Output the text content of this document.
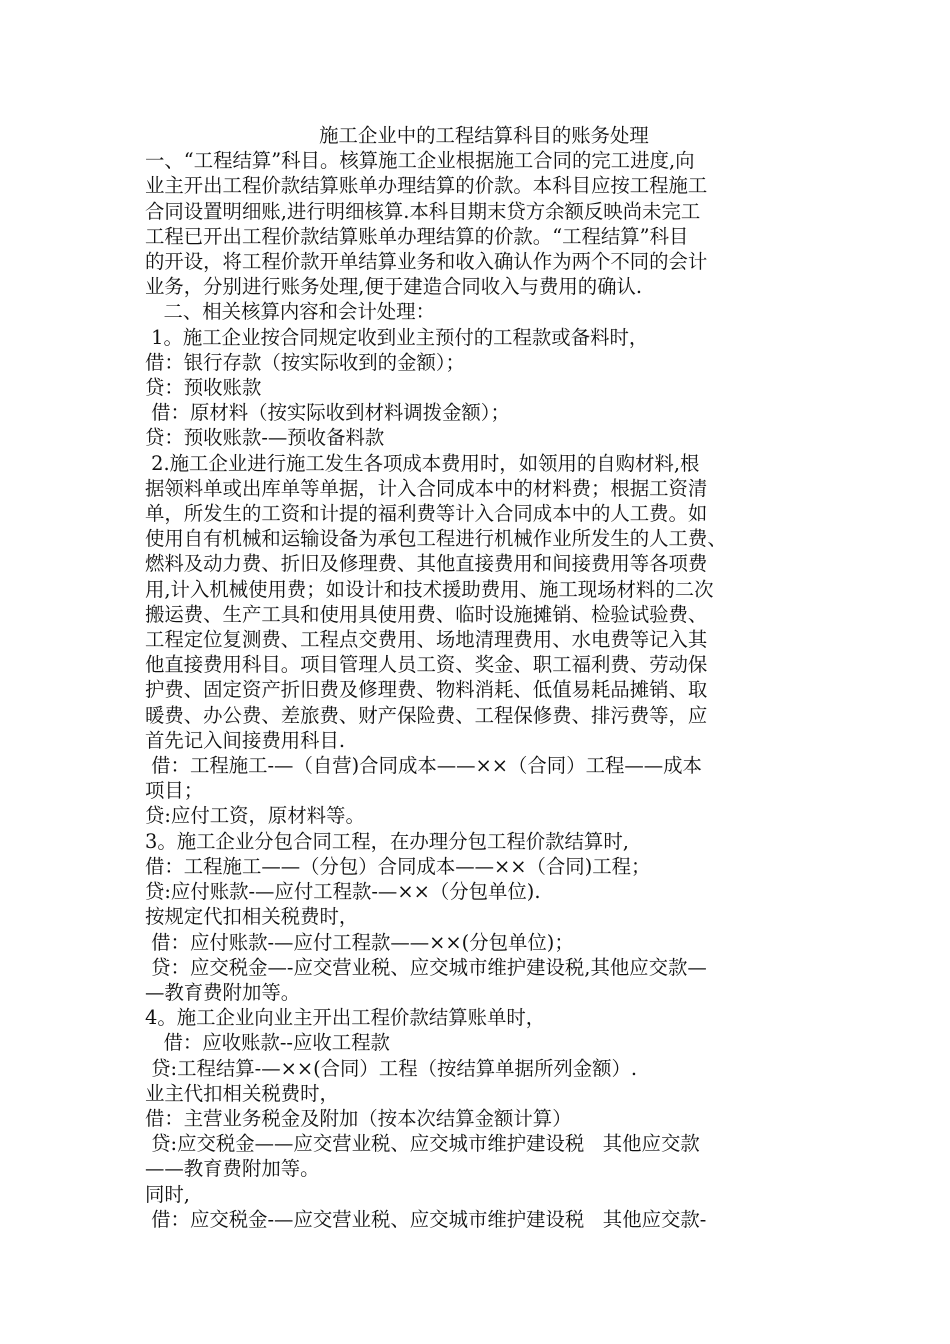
施工企业中的工程结算科目的账务处理
一、“工程结算”科目。核算施工企业根据施工合同的完工进度,向
业主开出工程价款结算账单办理结算的价款。本科目应按工程施工
合同设置明细账,进行明细核算.本科目期末贷方余额反映尚未完工
工程已开出工程价款结算账单办理结算的价款。“工程结算”科目
的开设，将工程价款开单结算业务和收入确认作为两个不同的会计
业务，分别进行账务处理,便于建造合同收入与费用的确认.
二、相关核算内容和会计处理：
1。施工企业按合同规定收到业主预付的工程款或备料时，
借：银行存款（按实际收到的金额）；
贷：预收账款
借：原材料（按实际收到材料调拨金额）；
贷：预收账款-—预收备料款
2.施工企业进行施工发生各项成本费用时，如领用的自购材料,根
据领料单或出库单等单据，计入合同成本中的材料费；根据工资清
单，所发生的工资和计提的福利费等计入合同成本中的人工费。如
使用自有机械和运输设备为承包工程进行机械作业所发生的人工费、
燃料及动力费、折旧及修理费、其他直接费用和间接费用等各项费
用,计入机械使用费；如设计和技术援助费用、施工现场材料的二次
搬运费、生产工具和使用具使用费、临时设施摊销、检验试验费、
工程定位复测费、工程点交费用、场地清理费用、水电费等记入其
他直接费用科目。项目管理人员工资、奖金、职工福利费、劳动保
护费、固定资产折旧费及修理费、物料消耗、低值易耗品摊销、取
暖费、办公费、差旅费、财产保险费、工程保修费、排污费等，应
首先记入间接费用科目.
借：工程施工-—（自营)合同成本——××（合同）工程——成本
项目；
贷:应付工资，原材料等。
3。施工企业分包合同工程，在办理分包工程价款结算时,
借：工程施工——（分包）合同成本——××（合同)工程；
贷:应付账款-—应付工程款-—××（分包单位).
按规定代扣相关税费时，
借：应付账款-—应付工程款——××(分包单位)；
贷：应交税金—-应交营业税、应交城市维护建设税,其他应交款—
—教育费附加等。
4。施工企业向业主开出工程价款结算账单时，
借：应收账款--应收工程款
贷:工程结算-—××(合同）工程（按结算单据所列金额）.
业主代扣相关税费时，
借：主营业务税金及附加（按本次结算金额计算）
贷:应交税金——应交营业税、应交城市维护建设税   其他应交款
——教育费附加等。
同时,
借：应交税金-—应交营业税、应交城市维护建设税   其他应交款-
